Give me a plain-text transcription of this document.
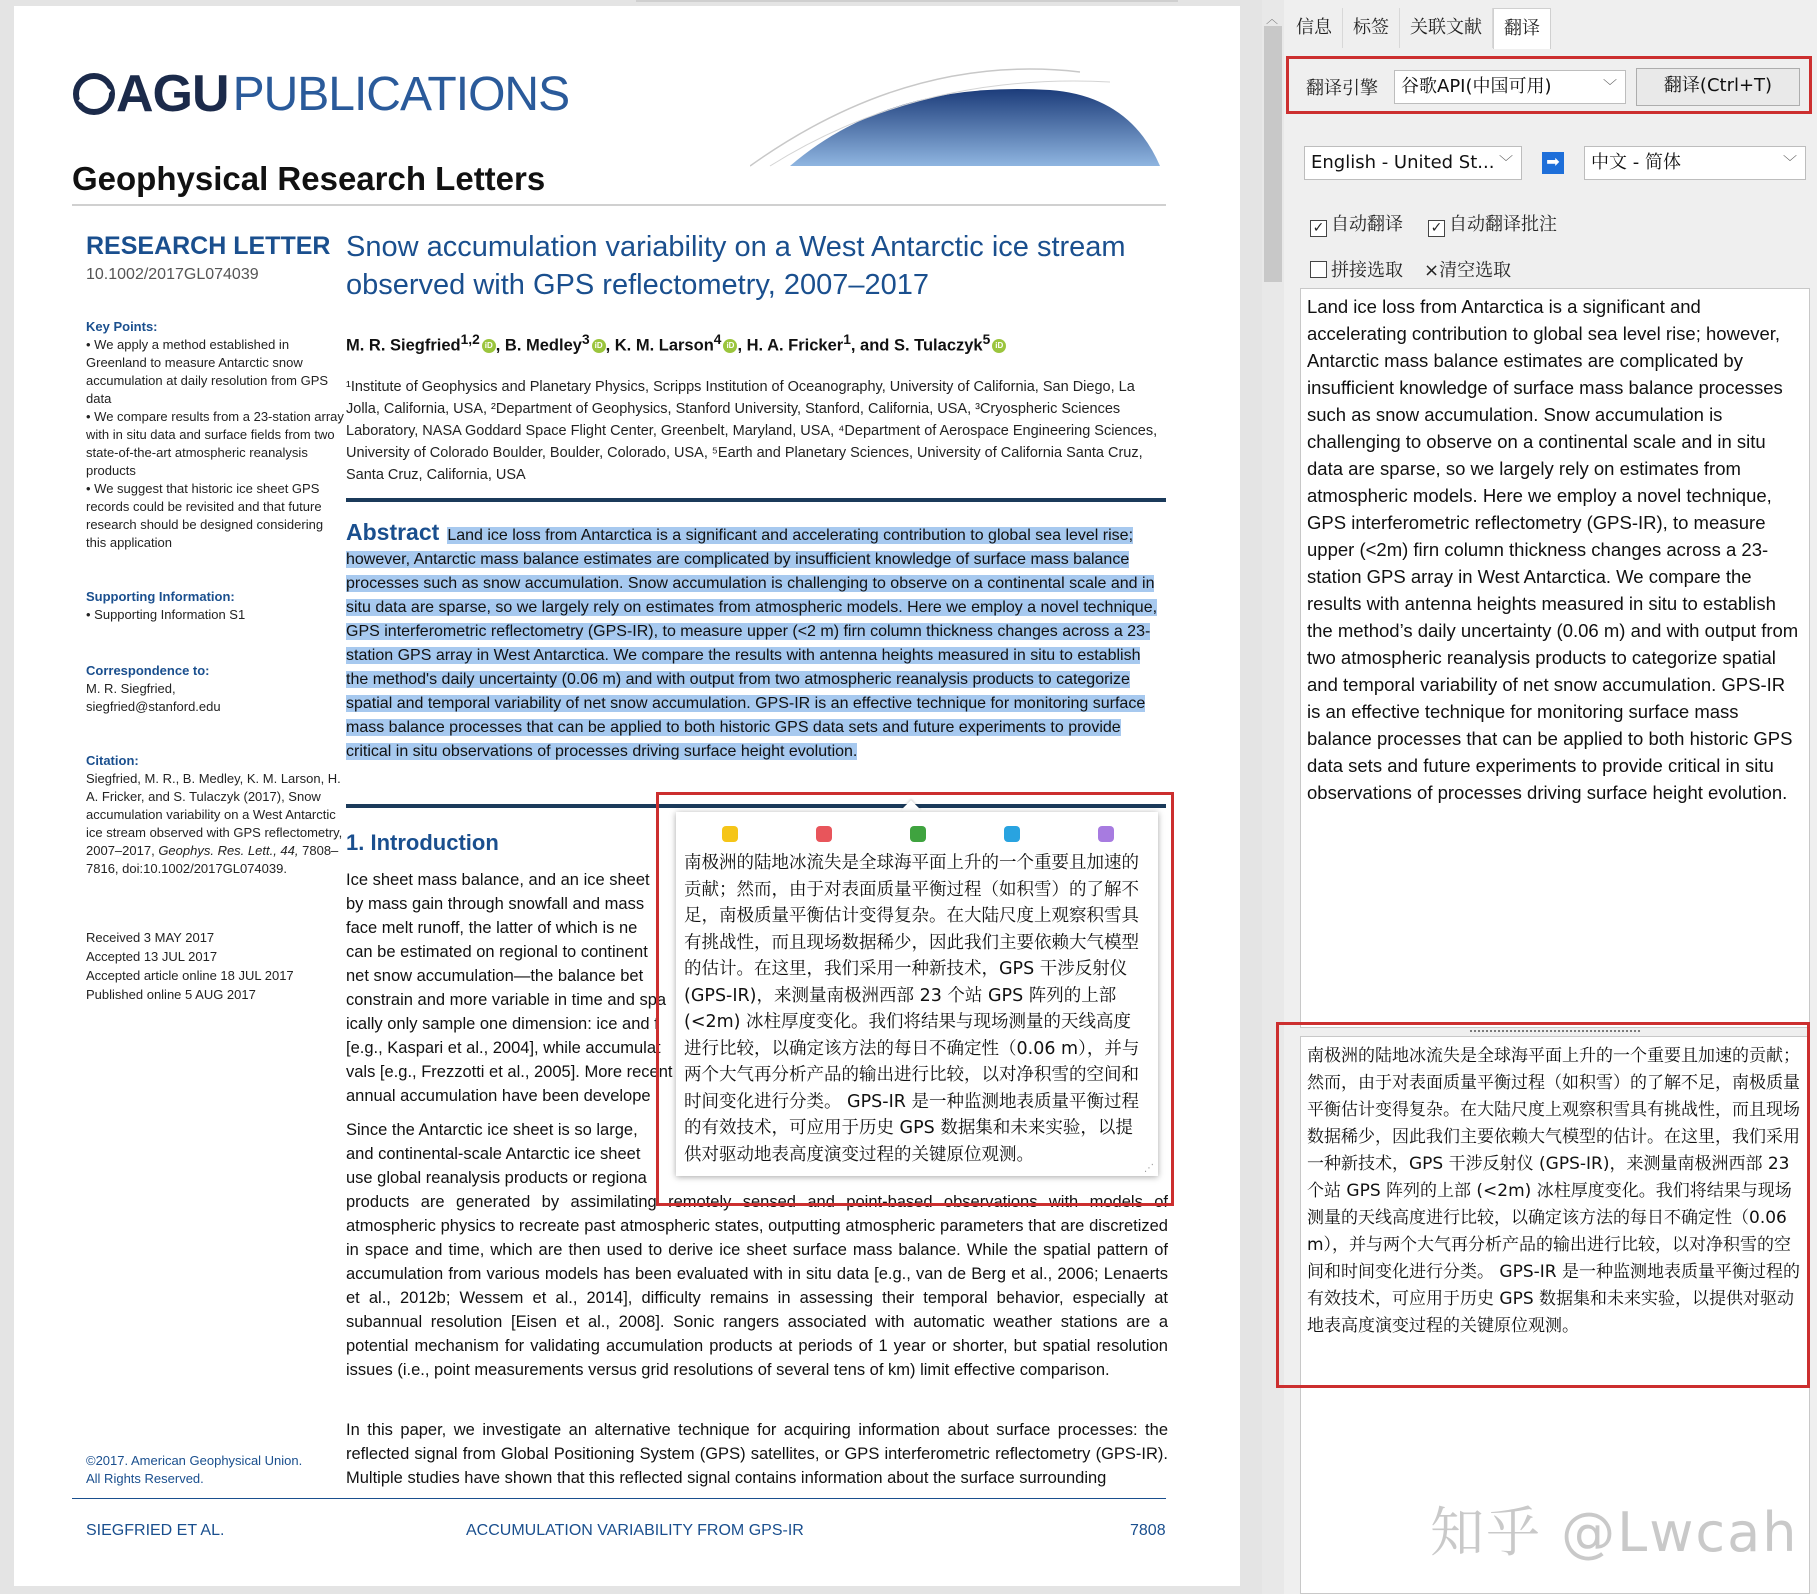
AGU PUBLICATIONS
Geophysical Research Letters
RESEARCH LETTER
10.1002/2017GL074039
Key Points:
• We apply a method established in Greenland to measure Antarctic snow accumulation at daily resolution from GPS data
• We compare results from a 23-station array with in situ data and surface fields from two state-of-the-art atmospheric reanalysis products
• We suggest that historic ice sheet GPS records could be revisited and that future research should be designed considering this application
Supporting Information:
• Supporting Information S1
Correspondence to:
M. R. Siegfried,
siegfried@stanford.edu
Citation:
Siegfried, M. R., B. Medley, K. M. Larson, H. A. Fricker, and S. Tulaczyk (2017), Snow accumulation variability on a West Antarctic ice stream observed with GPS reflectometry, 2007–2017, Geophys. Res. Lett., 44, 7808–7816, doi:10.1002/2017GL074039.
Received 3 MAY 2017
Accepted 13 JUL 2017
Accepted article online 18 JUL 2017
Published online 5 AUG 2017
©2017. American Geophysical Union. All Rights Reserved.
Snow accumulation variability on a West Antarctic ice stream observed with GPS reflectometry, 2007–2017
M. R. Siegfried$^{1,2}$ iD , B. Medley$^3$ iD , K. M. Larson$^4$ iD , H. A. Fricker$^1$, and S. Tulaczyk$^5$ iD
¹Institute of Geophysics and Planetary Physics, Scripps Institution of Oceanography, University of California, San Diego, La Jolla, California, USA, ²Department of Geophysics, Stanford University, Stanford, California, USA, ³Cryospheric Sciences Laboratory, NASA Goddard Space Flight Center, Greenbelt, Maryland, USA, ⁴Department of Aerospace Engineering Sciences, University of Colorado Boulder, Boulder, Colorado, USA, ⁵Earth and Planetary Sciences, University of California Santa Cruz, Santa Cruz, California, USA
Abstract Land ice loss from Antarctica is a significant and accelerating contribution to global sea level rise; however, Antarctic mass balance estimates are complicated by insufficient knowledge of surface mass balance processes such as snow accumulation. Snow accumulation is challenging to observe on a continental scale and in situ data are sparse, so we largely rely on estimates from atmospheric models. Here we employ a novel technique, GPS interferometric reflectometry (GPS-IR), to measure upper (<2 m) firn column thickness changes across a 23-station GPS array in West Antarctica. We compare the results with antenna heights measured in situ to establish the method's daily uncertainty (0.06 m) and with output from two atmospheric reanalysis products to categorize spatial and temporal variability of net snow accumulation. GPS-IR is an effective technique for monitoring surface mass balance processes that can be applied to both historic GPS data sets and future experiments to provide critical in situ observations of processes driving surface height evolution.
1. Introduction
Ice sheet mass balance, and an ice sheet
by mass gain through snowfall and mass
face melt runoff, the latter of which is ne
can be estimated on regional to continent
net snow accumulation—the balance bet
constrain and more variable in time and spa
ically only sample one dimension: ice and f
[e.g., Kaspari et al., 2004], while accumulat
vals [e.g., Frezzotti et al., 2005]. More recent
annual accumulation have been develope
Since the Antarctic ice sheet is so large,
and continental-scale Antarctic ice sheet
use global reanalysis products or regiona
products are generated by assimilating remotely sensed and point-based observations with models of atmospheric physics to recreate past atmospheric states, outputting atmospheric parameters that are discretized in space and time, which are then used to derive ice sheet surface mass balance. While the spatial pattern of accumulation from various models has been evaluated with in situ data [e.g., van de Berg et al., 2006; Lenaerts et al., 2012b; Wessem et al., 2014], difficulty remains in assessing their temporal behavior, especially at subannual resolution [Eisen et al., 2008]. Sonic rangers associated with automatic weather stations are a potential mechanism for validating accumulation products at periods of 1 year or shorter, but spatial resolution issues (i.e., point measurements versus grid resolutions of several tens of km) limit effective comparison.
In this paper, we investigate an alternative technique for acquiring information about surface processes: the reflected signal from Global Positioning System (GPS) satellites, or GPS interferometric reflectometry (GPS-IR). Multiple studies have shown that this reflected signal contains information about the surface surrounding
SIEGFRIED ET AL.	ACCUMULATION VARIABILITY FROM GPS-IR	7808
南极洲的陆地冰流失是全球海平面上升的一个重要且加速的贡献；然而，由于对表面质量平衡过程（如积雪）的了解不足，南极质量平衡估计变得复杂。在大陆尺度上观察积雪具有挑战性，而且现场数据稀少，因此我们主要依赖大气模型的估计。在这里，我们采用一种新技术，GPS 干涉反射仪 (GPS-IR)，来测量南极洲西部 23 个站 GPS 阵列的上部 (<2m) 冰柱厚度变化。我们将结果与现场测量的天线高度进行比较，以确定该方法的每日不确定性（0.06 m），并与两个大气再分析产品的输出进行比较，以对净积雪的空间和时间变化进行分类。 GPS-IR 是一种监测地表质量平衡过程的有效技术，可应用于历史 GPS 数据集和未来实验，以提供对驱动地表高度演变过程的关键原位观测。
⋰
︿ 信息	标签	关联文献	翻译
翻译引擎	谷歌API(中国可用)	﹀	翻译(Ctrl+T)
English - United St... ﹀ ➡	中文 - 简体	﹀
✓ 自动翻译 ✓ 自动翻译批注
拼接选取 ×清空选取
Land ice loss from Antarctica is a significant and accelerating contribution to global sea level rise; however, Antarctic mass balance estimates are complicated by insufficient knowledge of surface mass balance processes such as snow accumulation. Snow accumulation is challenging to observe on a continental scale and in situ data are sparse, so we largely rely on estimates from atmospheric models. Here we employ a novel technique, GPS interferometric reflectometry (GPS-IR), to measure upper (<2m) firn column thickness changes across a 23-station GPS array in West Antarctica. We compare the results with antenna heights measured in situ to establish the method’s daily uncertainty (0.06 m) and with output from two atmospheric reanalysis products to categorize spatial and temporal variability of net snow accumulation. GPS-IR is an effective technique for monitoring surface mass balance processes that can be applied to both historic GPS data sets and future experiments to provide critical in situ observations of processes driving surface height evolution.
南极洲的陆地冰流失是全球海平面上升的一个重要且加速的贡献；然而，由于对表面质量平衡过程（如积雪）的了解不足，南极质量平衡估计变得复杂。在大陆尺度上观察积雪具有挑战性，而且现场数据稀少，因此我们主要依赖大气模型的估计。在这里，我们采用一种新技术，GPS 干涉反射仪 (GPS-IR)，来测量南极洲西部 23 个站 GPS 阵列的上部 (<2m) 冰柱厚度变化。我们将结果与现场测量的天线高度进行比较，以确定该方法的每日不确定性（0.06 m），并与两个大气再分析产品的输出进行比较，以对净积雪的空间和时间变化进行分类。 GPS-IR 是一种监测地表质量平衡过程的有效技术，可应用于历史 GPS 数据集和未来实验，以提供对驱动地表高度演变过程的关键原位观测。
知乎 @Lwcah
